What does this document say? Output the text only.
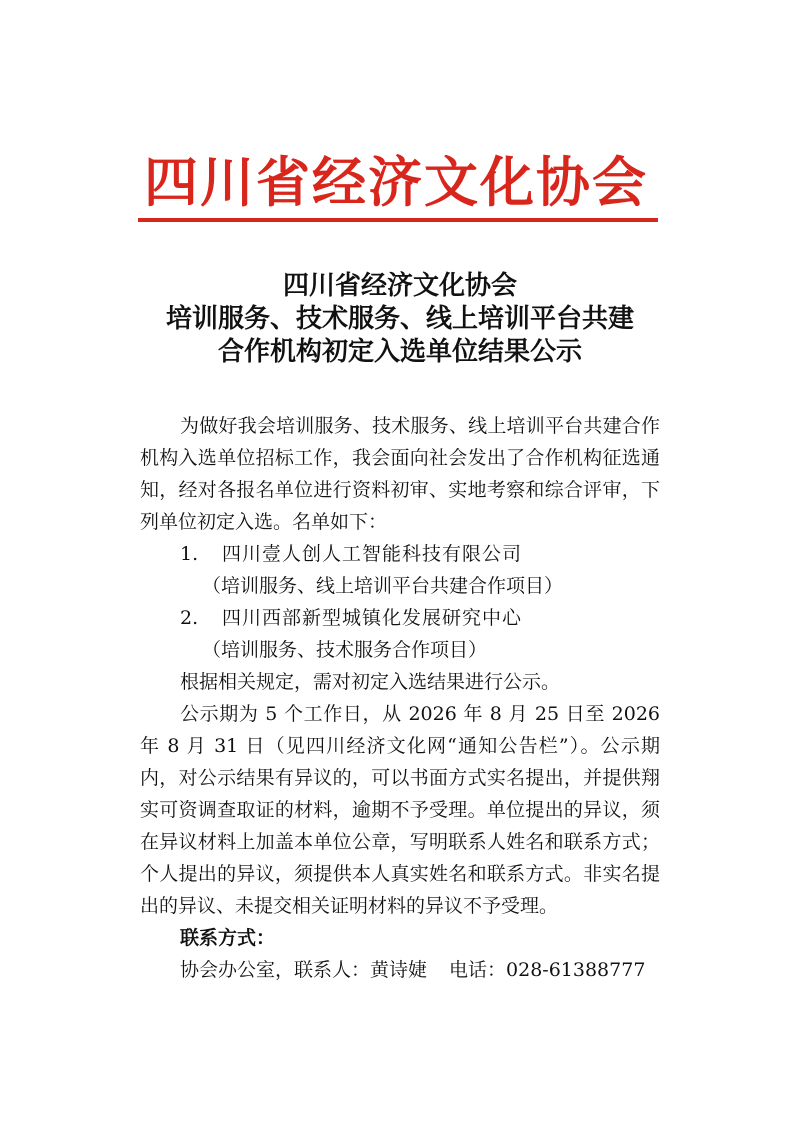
四川省经济文化协会
四川省经济文化协会
培训服务、技术服务、线上培训平台共建
合作机构初定入选单位结果公示

为做好我会培训服务、技术服务、线上培训平台共建合作机构入选单位招标工作，我会面向社会发出了合作机构征选通知，经对各报名单位进行资料初审、实地考察和综合评审，下列单位初定入选。名单如下：

1. 四川壹人创人工智能科技有限公司
（培训服务、线上培训平台共建合作项目）
2. 四川西部新型城镇化发展研究中心
（培训服务、技术服务合作项目）

根据相关规定，需对初定入选结果进行公示。

公示期为 5 个工作日，从 2026 年 8 月 25 日至 2026 年 8 月 31 日（见四川经济文化网“通知公告栏”）。公示期内，对公示结果有异议的，可以书面方式实名提出，并提供翔实可资调查取证的材料，逾期不予受理。单位提出的异议，须在异议材料上加盖本单位公章，写明联系人姓名和联系方式；个人提出的异议，须提供本人真实姓名和联系方式。非实名提出的异议、未提交相关证明材料的异议不予受理。

联系方式：
协会办公室，联系人：黄诗婕 电话：028-61388777
